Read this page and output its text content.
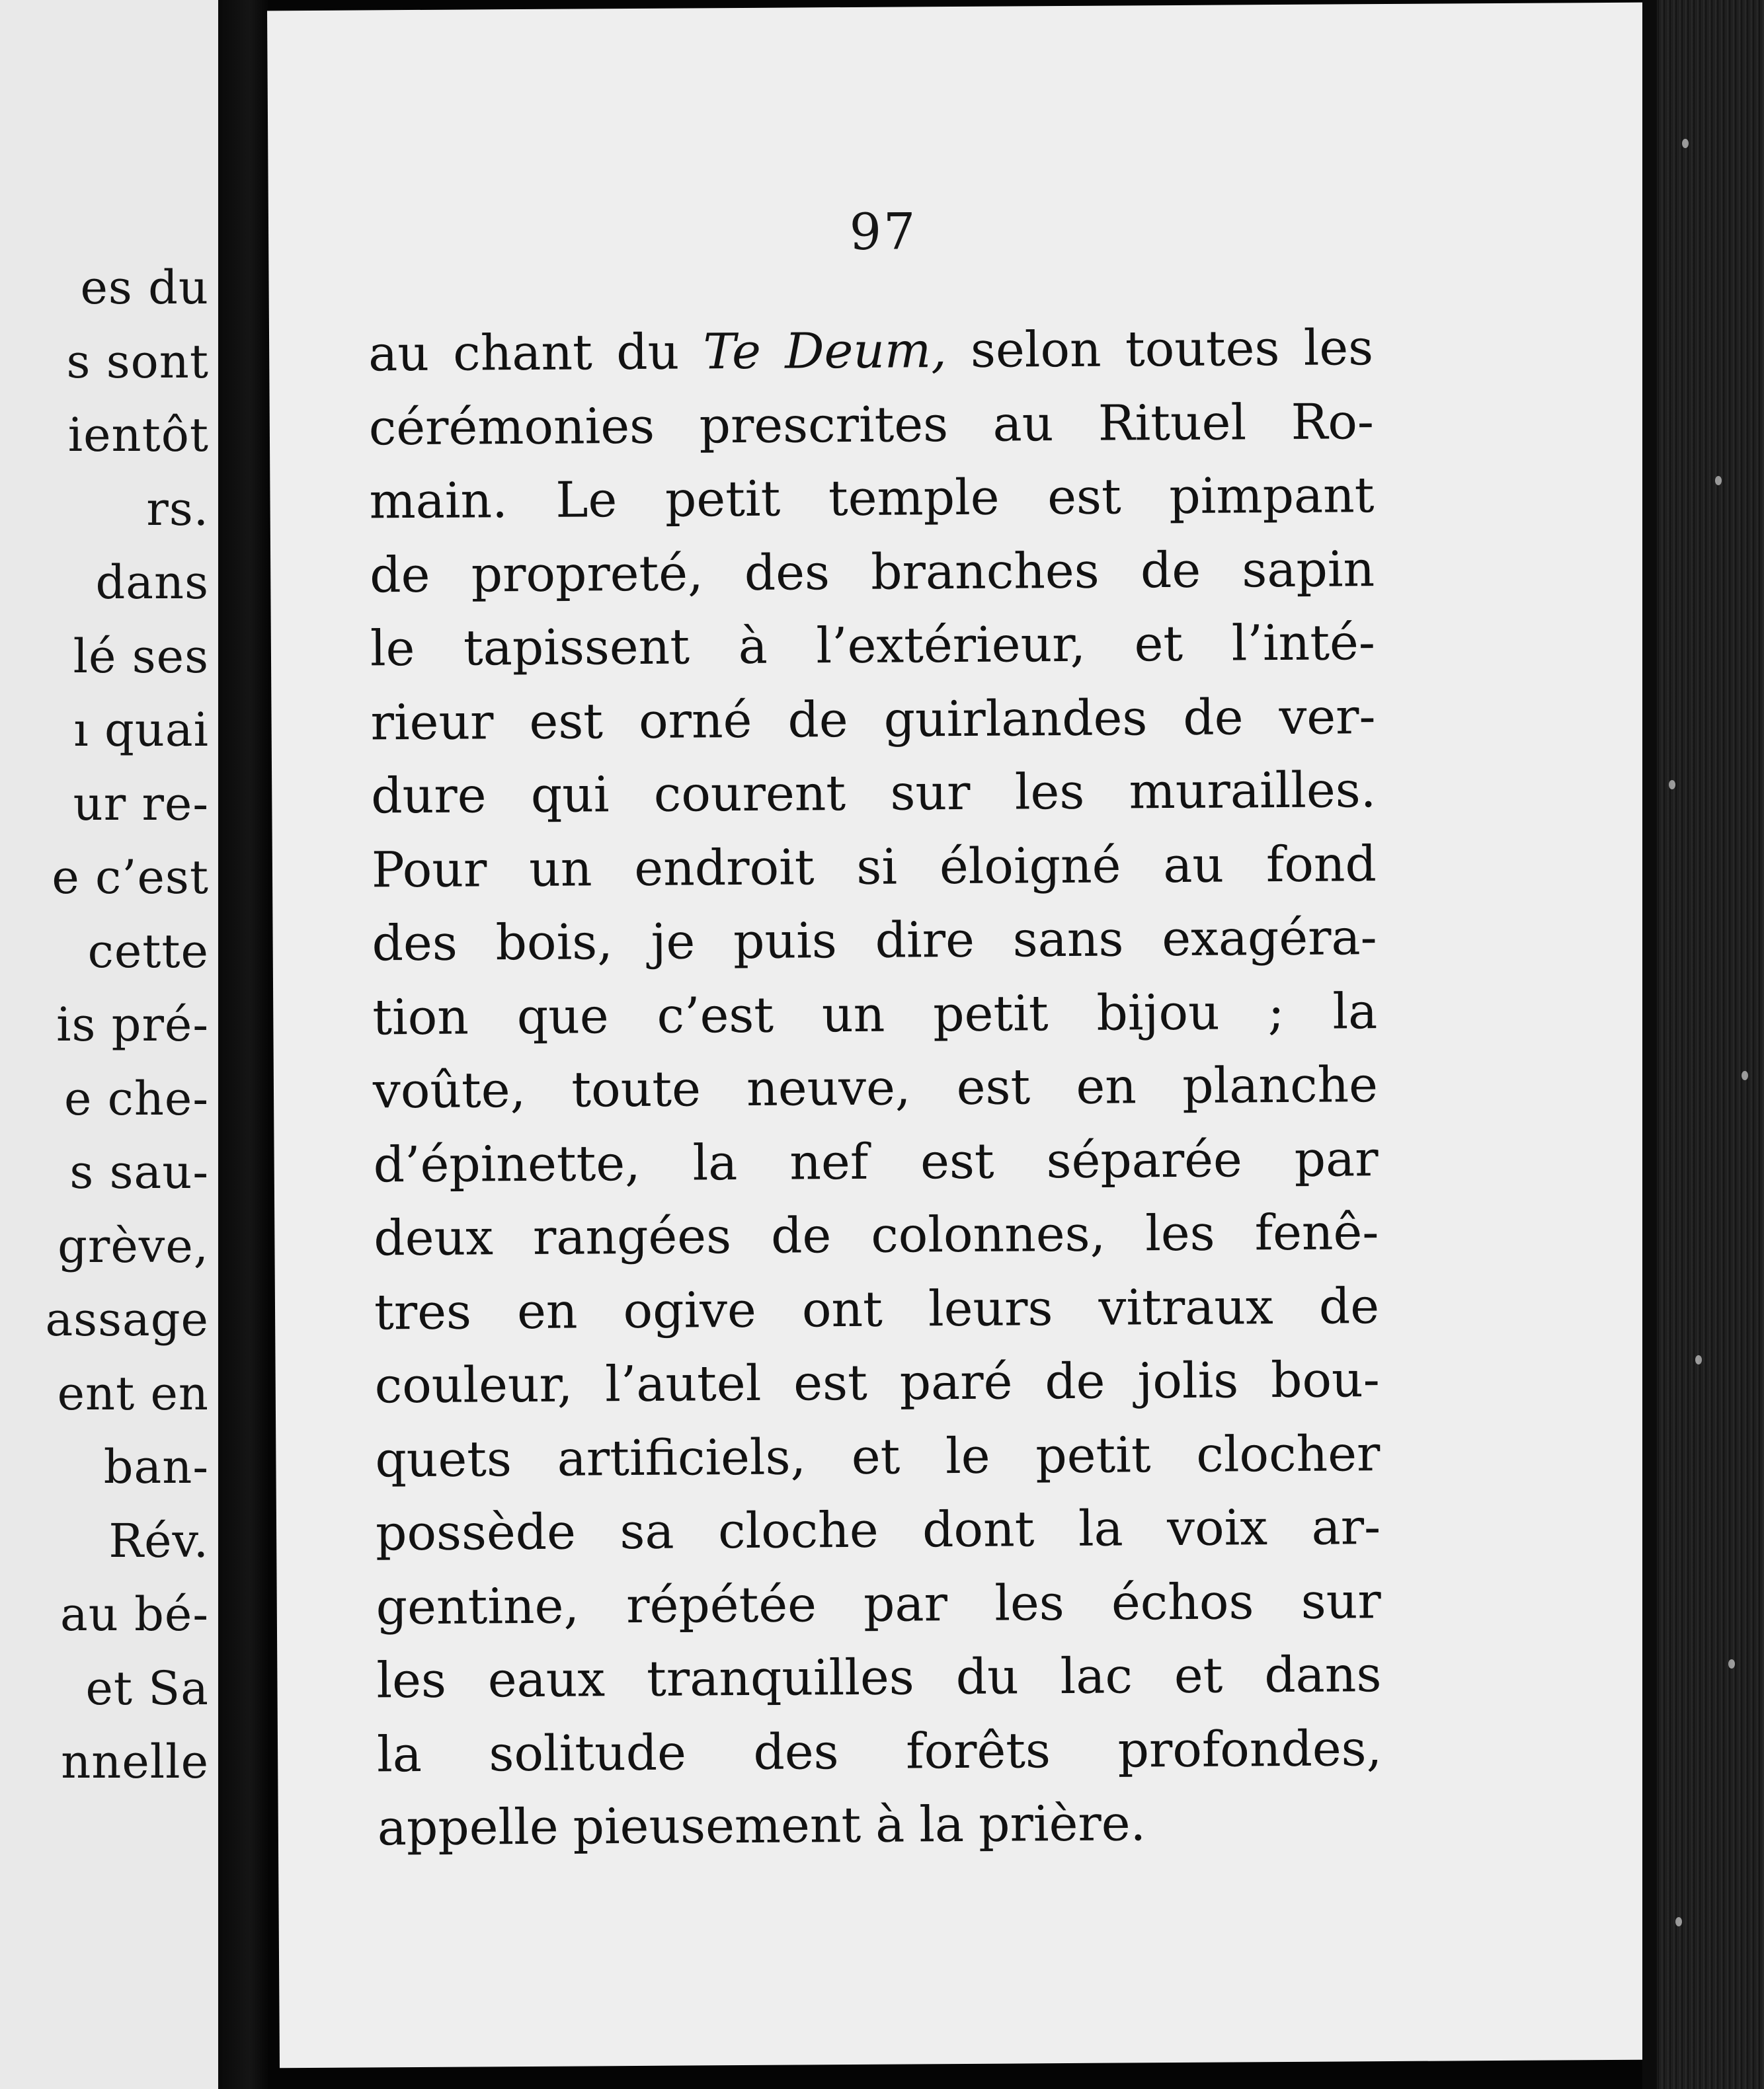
es du
s sont
ientôt
rs.
dans
lé ses
ı quai
ur re-
e c’est
cette
is pré-
e che-
s sau-
grève,
assage
ent en
ban-
Rév.
au bé-
et Sa
nnelle
97
au chant du Te Deum, selon toutes les
cérémonies prescrites au Rituel Ro-
main. Le petit temple est pimpant
de propreté, des branches de sapin
le tapissent à l’extérieur, et l’inté-
rieur est orné de guirlandes de ver-
dure qui courent sur les murailles.
Pour un endroit si éloigné au fond
des bois, je puis dire sans exagéra-
tion que c’est un petit bijou ; la
voûte, toute neuve, est en planche
d’épinette, la nef est séparée par
deux rangées de colonnes, les fenê-
tres en ogive ont leurs vitraux de
couleur, l’autel est paré de jolis bou-
quets artificiels, et le petit clocher
possède sa cloche dont la voix ar-
gentine, répétée par les échos sur
les eaux tranquilles du lac et dans
la solitude des forêts profondes,
appelle pieusement à la prière.
